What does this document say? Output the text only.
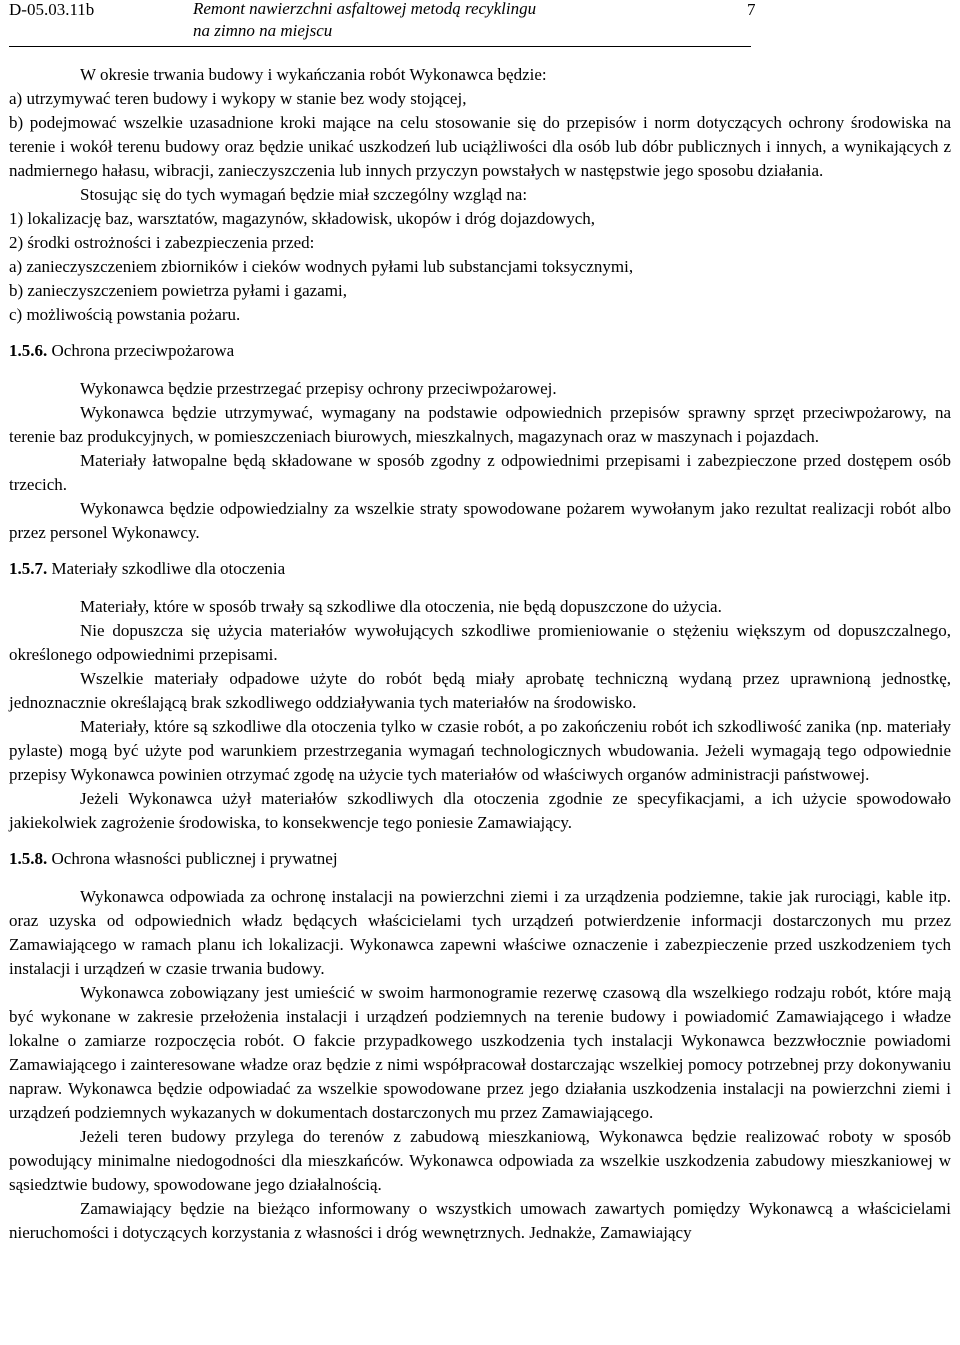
D-05.03.11b	Remont nawierzchni asfaltowej metodą recyklingu
na zimno na miejscu
7

W okresie trwania budowy i wykańczania robót Wykonawca będzie:

a) utrzymywać teren budowy i wykopy w stanie bez wody stojącej,

b) podejmować wszelkie uzasadnione kroki mające na celu stosowanie się do przepisów i norm dotyczących ochrony środowiska na terenie i wokół terenu budowy oraz będzie unikać uszkodzeń lub uciążliwości dla osób lub dóbr publicznych i innych, a wynikających z nadmiernego hałasu, wibracji, zanieczyszczenia lub innych przyczyn powstałych w następstwie jego sposobu działania.

Stosując się do tych wymagań będzie miał szczególny wzgląd na:

1) lokalizację baz, warsztatów, magazynów, składowisk, ukopów i dróg dojazdowych,

2) środki ostrożności i zabezpieczenia przed:

a) zanieczyszczeniem zbiorników i cieków wodnych pyłami lub substancjami toksycznymi,

b) zanieczyszczeniem powietrza pyłami i gazami,

c) możliwością powstania pożaru.

1.5.6. Ochrona przeciwpożarowa

Wykonawca będzie przestrzegać przepisy ochrony przeciwpożarowej.

Wykonawca będzie utrzymywać, wymagany na podstawie odpowiednich przepisów sprawny sprzęt przeciwpożarowy, na terenie baz produkcyjnych, w pomieszczeniach biurowych, mieszkalnych, magazynach oraz w maszynach i pojazdach.

Materiały łatwopalne będą składowane w sposób zgodny z odpowiednimi przepisami i zabezpieczone przed dostępem osób trzecich.

Wykonawca będzie odpowiedzialny za wszelkie straty spowodowane pożarem wywołanym jako rezultat realizacji robót albo przez personel Wykonawcy.

1.5.7. Materiały szkodliwe dla otoczenia

Materiały, które w sposób trwały są szkodliwe dla otoczenia, nie będą dopuszczone do użycia.

Nie dopuszcza się użycia materiałów wywołujących szkodliwe promieniowanie o stężeniu większym od dopuszczalnego, określonego odpowiednimi przepisami.

Wszelkie materiały odpadowe użyte do robót będą miały aprobatę techniczną wydaną przez uprawnioną jednostkę, jednoznacznie określającą brak szkodliwego oddziaływania tych materiałów na środowisko.

Materiały, które są szkodliwe dla otoczenia tylko w czasie robót, a po zakończeniu robót ich szkodliwość zanika (np. materiały pylaste) mogą być użyte pod warunkiem przestrzegania wymagań technologicznych wbudowania. Jeżeli wymagają tego odpowiednie przepisy Wykonawca powinien otrzymać zgodę na użycie tych materiałów od właściwych organów administracji państwowej.

Jeżeli Wykonawca użył materiałów szkodliwych dla otoczenia zgodnie ze specyfikacjami, a ich użycie spowodowało jakiekolwiek zagrożenie środowiska, to konsekwencje tego poniesie Zamawiający.

1.5.8. Ochrona własności publicznej i prywatnej

Wykonawca odpowiada za ochronę instalacji na powierzchni ziemi i za urządzenia podziemne, takie jak rurociągi, kable itp. oraz uzyska od odpowiednich władz będących właścicielami tych urządzeń potwierdzenie informacji dostarczonych mu przez Zamawiającego w ramach planu ich lokalizacji. Wykonawca zapewni właściwe oznaczenie i zabezpieczenie przed uszkodzeniem tych instalacji i urządzeń w czasie trwania budowy.

Wykonawca zobowiązany jest umieścić w swoim harmonogramie rezerwę czasową dla wszelkiego rodzaju robót, które mają być wykonane w zakresie przełożenia instalacji i urządzeń podziemnych na terenie budowy i powiadomić Zamawiającego i władze lokalne o zamiarze rozpoczęcia robót. O fakcie przypadkowego uszkodzenia tych instalacji Wykonawca bezzwłocznie powiadomi Zamawiającego i zainteresowane władze oraz będzie z nimi współpracował dostarczając wszelkiej pomocy potrzebnej przy dokonywaniu napraw. Wykonawca będzie odpowiadać za wszelkie spowodowane przez jego działania uszkodzenia instalacji na powierzchni ziemi i urządzeń podziemnych wykazanych w dokumentach dostarczonych mu przez Zamawiającego.

Jeżeli teren budowy przylega do terenów z zabudową mieszkaniową, Wykonawca będzie realizować roboty w sposób powodujący minimalne niedogodności dla mieszkańców. Wykonawca odpowiada za wszelkie uszkodzenia zabudowy mieszkaniowej w sąsiedztwie budowy, spowodowane jego działalnością.

Zamawiający będzie na bieżąco informowany o wszystkich umowach zawartych pomiędzy Wykonawcą a właścicielami nieruchomości i dotyczących korzystania z własności i dróg wewnętrznych. Jednakże, Zamawiający
